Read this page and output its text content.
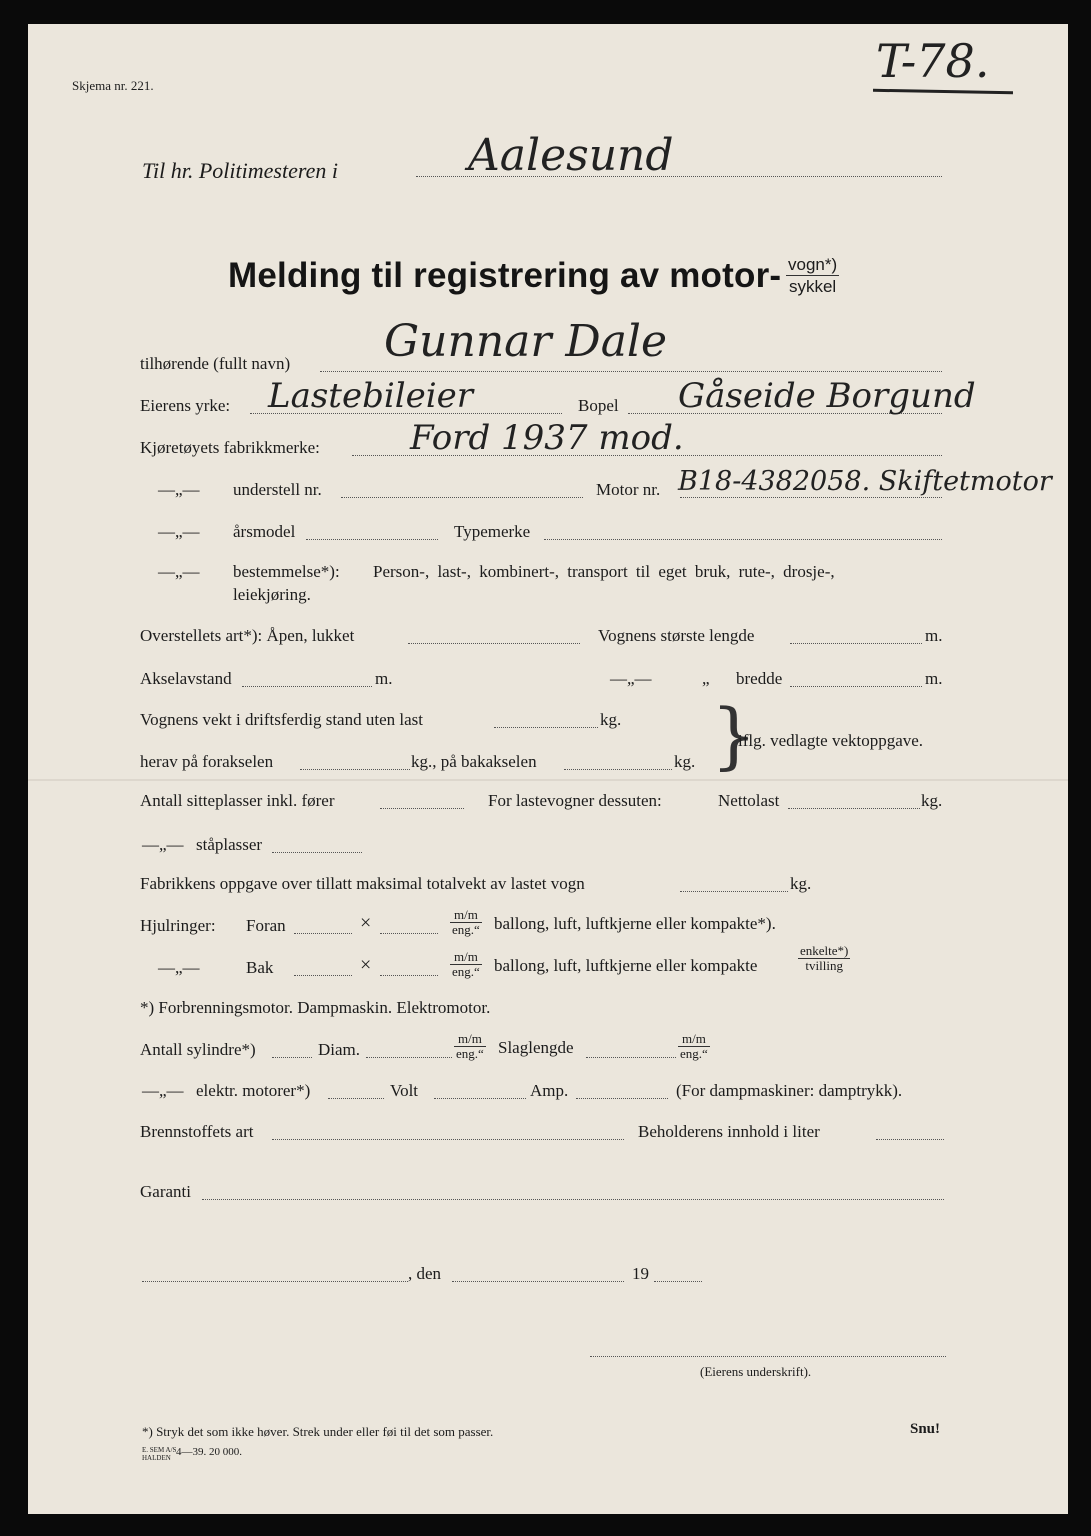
Skjema nr. 221.	T-78.
Til hr. Politimesteren i	Aalesund
Melding til registrering av motor- vogn*)
sykkel
tilhørende (fullt navn) Gunnar Dale
Eierens yrke: Lastebileier	Bopel Gåseide Borgund
Kjøretøyets fabrikkmerke:	Ford 1937 mod.
—„— understell nr.	Motor nr. B18-4382058. Skiftetmotor
—„— årsmodel	Typemerke
—„— bestemmelse*): Person-, last-, kombinert-, transport til eget bruk, rute-, drosje-,
leiekjøring.
Overstellets art*): Åpen, lukket	Vognens største lengde	m.
Akselavstand	m.	—„—	„ bredde	m.
Vognens vekt i driftsferdig stand uten last	kg.
herav på forakselen	kg., på bakakselen	kg. }
iflg. vedlagte vektoppgave.
Antall sitteplasser inkl. fører	For lastevogner dessuten:	Nettolast	kg.
—„— ståplasser
Fabrikkens oppgave over tillatt maksimal totalvekt av lastet vogn	kg.
Hjulringer: Foran	×	m/m
eng.“ ballong, luft, luftkjerne eller kompakte*).
—„—	Bak	×	m/m
eng.“ ballong, luft, luftkjerne eller kompakte
enkelte*)
tvilling
*) Forbrenningsmotor. Dampmaskin. Elektromotor.
Antall sylindre*)	Diam.
m/m
eng.“ Slaglengde	m/m
eng.“
—„— elektr. motorer*)	Volt	Amp.	(For dampmaskiner: damptrykk).
Brennstoffets art	Beholderens innhold i liter
Garanti
, den	19
(Eierens underskrift).
*) Stryk det som ikke høver. Strek under eller føi til det som passer.	Snu!
E. SEM A/S HALDEN 4—39. 20 000.
